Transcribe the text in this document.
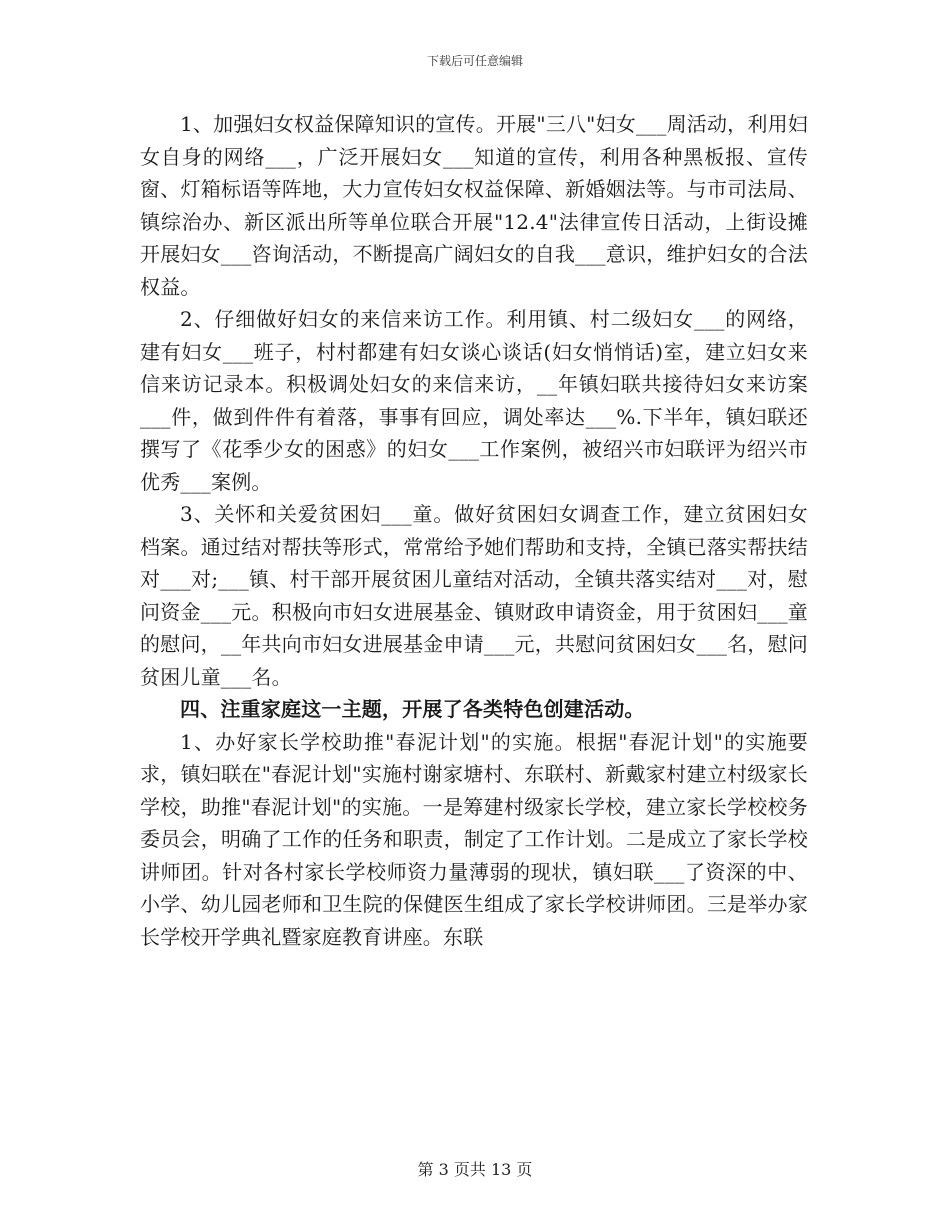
下载后可任意编辑

1、加强妇女权益保障知识的宣传。开展"三八"妇女___周活动，利用妇女自身的网络___，广泛开展妇女___知道的宣传，利用各种黑板报、宣传窗、灯箱标语等阵地，大力宣传妇女权益保障、新婚姻法等。与市司法局、镇综治办、新区派出所等单位联合开展"12.4"法律宣传日活动，上街设摊开展妇女___咨询活动，不断提高广阔妇女的自我___意识，维护妇女的合法权益。

2、仔细做好妇女的来信来访工作。利用镇、村二级妇女___的网络，建有妇女___班子，村村都建有妇女谈心谈话(妇女悄悄话)室，建立妇女来信来访记录本。积极调处妇女的来信来访，__年镇妇联共接待妇女来访案___件，做到件件有着落，事事有回应，调处率达___%.下半年，镇妇联还撰写了《花季少女的困惑》的妇女___工作案例，被绍兴市妇联评为绍兴市优秀___案例。

3、关怀和关爱贫困妇___童。做好贫困妇女调查工作，建立贫困妇女档案。通过结对帮扶等形式，常常给予她们帮助和支持，全镇已落实帮扶结对___对;___镇、村干部开展贫困儿童结对活动，全镇共落实结对___对，慰问资金___元。积极向市妇女进展基金、镇财政申请资金，用于贫困妇___童的慰问，__年共向市妇女进展基金申请___元，共慰问贫困妇女___名，慰问贫困儿童___名。

四、注重家庭这一主题，开展了各类特色创建活动。

1、办好家长学校助推"春泥计划"的实施。根据"春泥计划"的实施要求，镇妇联在"春泥计划"实施村谢家塘村、东联村、新戴家村建立村级家长学校，助推"春泥计划"的实施。一是筹建村级家长学校，建立家长学校校务委员会，明确了工作的任务和职责，制定了工作计划。二是成立了家长学校讲师团。针对各村家长学校师资力量薄弱的现状，镇妇联___了资深的中、小学、幼儿园老师和卫生院的保健医生组成了家长学校讲师团。三是举办家长学校开学典礼暨家庭教育讲座。东联

第 3 页共 13 页
